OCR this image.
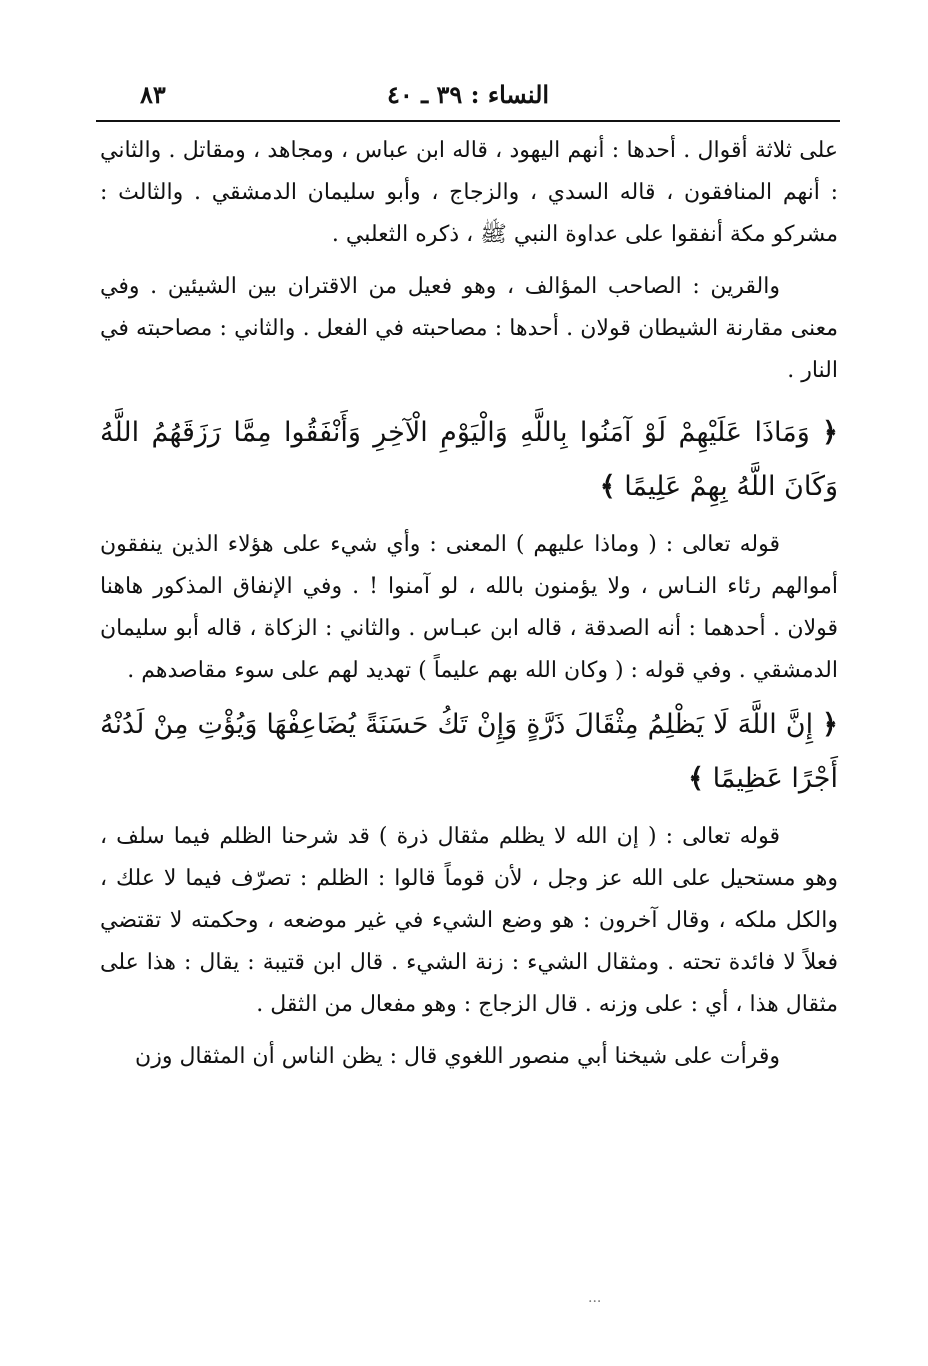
النساء : ٣٩ ـ ٤٠
٨٣

على ثلاثة أقوال . أحدها : أنهم اليهود ، قاله ابن عباس ، ومجاهد ، ومقاتل . والثاني : أنهم المنافقون ، قاله السدي ، والزجاج ، وأبو سليمان الدمشقي . والثالث : مشركو مكة أنفقوا على عداوة النبي ﷺ ، ذكره الثعلبي .

والقرين : الصاحب المؤالف ، وهو فعيل من الاقتران بين الشيئين . وفي معنى مقارنة الشيطان قولان . أحدها : مصاحبته في الفعل . والثاني : مصاحبته في النار .

﴿ وَمَاذَا عَلَيْهِمْ لَوْ آمَنُوا بِاللَّهِ وَالْيَوْمِ الْآخِرِ وَأَنْفَقُوا مِمَّا رَزَقَهُمُ اللَّهُ وَكَانَ اللَّهُ بِهِمْ عَلِيمًا ﴾

قوله تعالى : ( وماذا عليهم ) المعنى : وأي شيء على هؤلاء الذين ينفقون أموالهم رئاء النـاس ، ولا يؤمنون بالله ، لو آمنوا ! . وفي الإنفاق المذكور هاهنا قولان . أحدهما : أنه الصدقة ، قاله ابن عبـاس . والثاني : الزكاة ، قاله أبو سليمان الدمشقي . وفي قوله : ( وكان الله بهم عليماً ) تهديد لهم على سوء مقاصدهم .

﴿ إِنَّ اللَّهَ لَا يَظْلِمُ مِثْقَالَ ذَرَّةٍ وَإِنْ تَكُ حَسَنَةً يُضَاعِفْهَا وَيُؤْتِ مِنْ لَدُنْهُ أَجْرًا عَظِيمًا ﴾

قوله تعالى : ( إن الله لا يظلم مثقال ذرة ) قد شرحنا الظلم فيما سلف ، وهو مستحيل على الله عز وجل ، لأن قوماً قالوا : الظلم : تصرّف فيما لا علك ، والكل ملكه ، وقال آخرون : هو وضع الشيء في غير موضعه ، وحكمته لا تقتضي فعلاً لا فائدة تحته . ومثقال الشيء : زنة الشيء . قال ابن قتيبة : يقال : هذا على مثقال هذا ، أي : على وزنه . قال الزجاج : وهو مفعال من الثقل .

وقرأت على شيخنا أبي منصور اللغوي قال : يظن الناس أن المثقال وزن

...
